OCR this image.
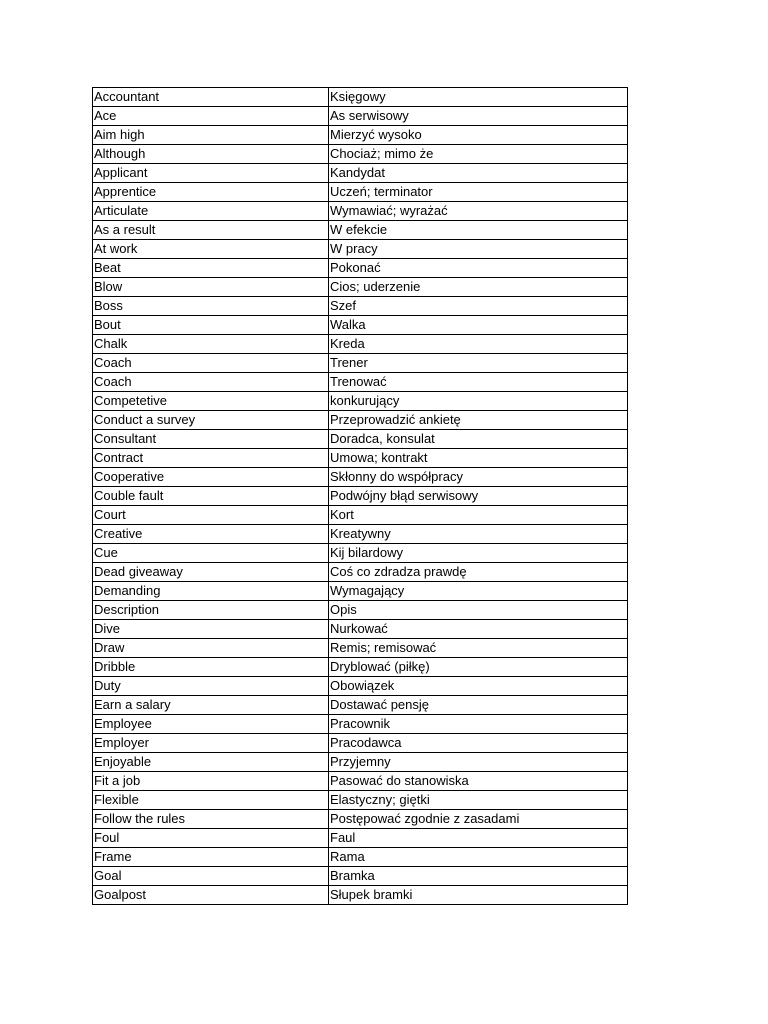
Accountant	Księgowy
Ace	As serwisowy
Aim high	Mierzyć wysoko
Although	Chociaż; mimo że
Applicant	Kandydat
Apprentice	Uczeń; terminator
Articulate	Wymawiać; wyrażać
As a result	W efekcie
At work	W pracy
Beat	Pokonać
Blow	Cios; uderzenie
Boss	Szef
Bout	Walka
Chalk	Kreda
Coach	Trener
Coach	Trenować
Competetive	konkurujący
Conduct a survey	Przeprowadzić ankietę
Consultant	Doradca, konsulat
Contract	Umowa; kontrakt
Cooperative	Skłonny do współpracy
Couble fault	Podwójny błąd serwisowy
Court	Kort
Creative	Kreatywny
Cue	Kij bilardowy
Dead giveaway	Coś co zdradza prawdę
Demanding	Wymagający
Description	Opis
Dive	Nurkować
Draw	Remis; remisować
Dribble	Dryblować (piłkę)
Duty	Obowiązek
Earn a salary	Dostawać pensję
Employee	Pracownik
Employer	Pracodawca
Enjoyable	Przyjemny
Fit a job	Pasować do stanowiska
Flexible	Elastyczny; giętki
Follow the rules	Postępować zgodnie z zasadami
Foul	Faul
Frame	Rama
Goal	Bramka
Goalpost	Słupek bramki
